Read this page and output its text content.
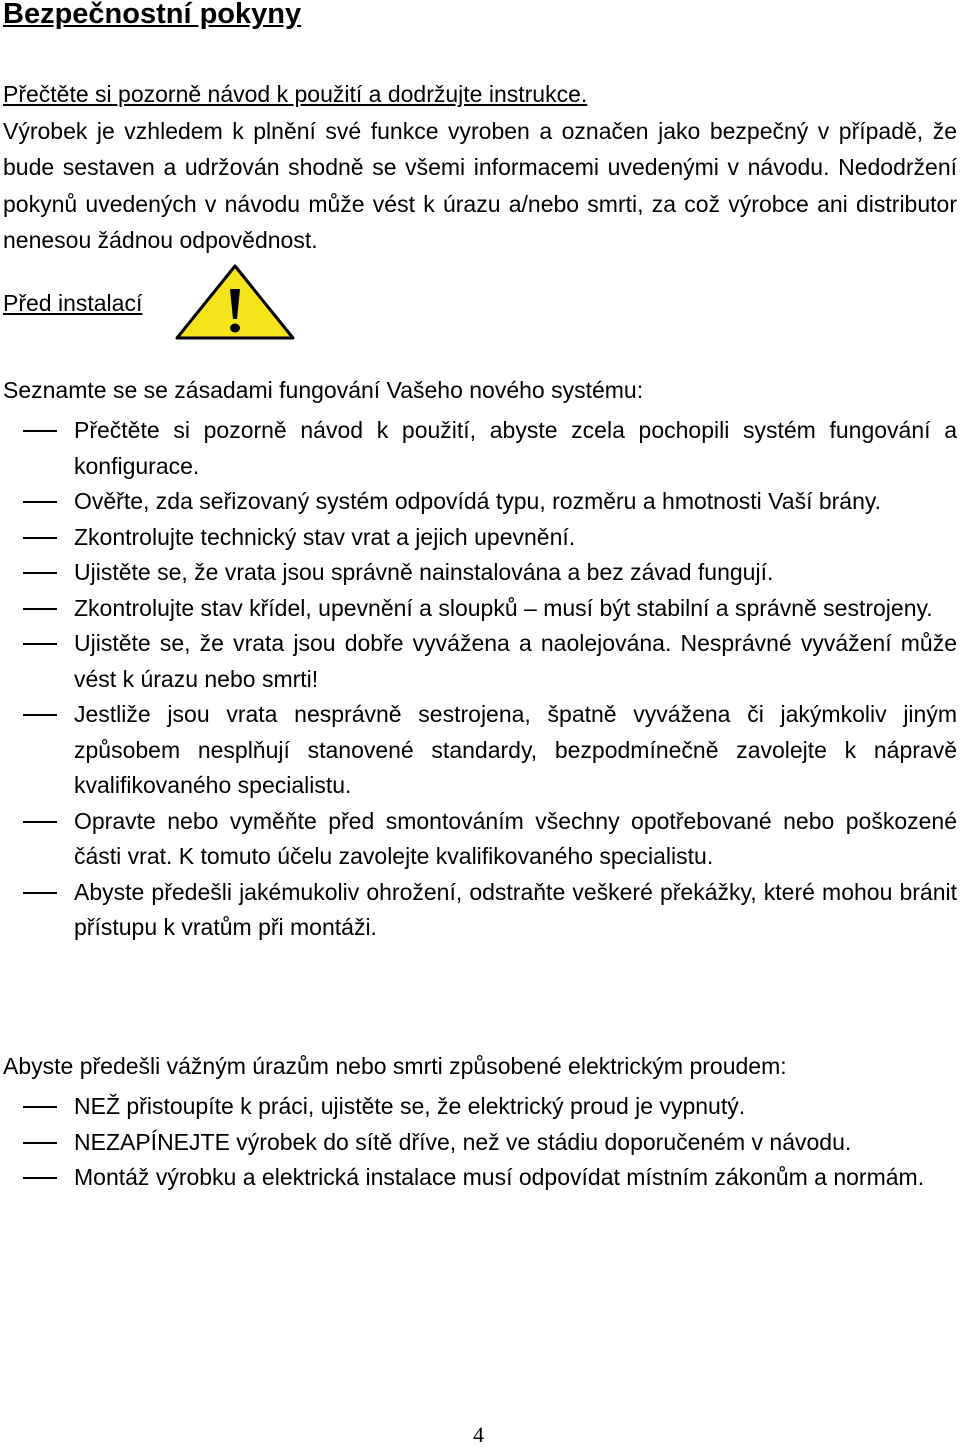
Bezpečnostní pokyny

Přečtěte si pozorně návod k použití a dodržujte instrukce.

Výrobek je vzhledem k plnění své funkce vyroben a označen jako bezpečný v případě, že bude sestaven a udržován shodně se všemi informacemi uvedenými v návodu. Nedodržení pokynů uvedených v návodu může vést k úrazu a/nebo smrti, za což výrobce ani distributor nenesou žádnou odpovědnost.

Před instalací
Seznamte se se zásadami fungování Vašeho nového systému:
Přečtěte si pozorně návod k použití, abyste zcela pochopili systém fungování a konfigurace.
Ověřte, zda seřizovaný systém odpovídá typu, rozměru a hmotnosti Vaší brány.
Zkontrolujte technický stav vrat a jejich upevnění.
Ujistěte se, že vrata jsou správně nainstalována a bez závad fungují.
Zkontrolujte stav křídel, upevnění a sloupků – musí být stabilní a správně sestrojeny.
Ujistěte se, že vrata jsou dobře vyvážena a naolejována. Nesprávné vyvážení může vést k úrazu nebo smrti!
Jestliže jsou vrata nesprávně sestrojena, špatně vyvážena či jakýmkoliv jiným způsobem nesplňují stanovené standardy, bezpodmínečně zavolejte k nápravě kvalifikovaného specialistu.
Opravte nebo vyměňte před smontováním všechny opotřebované nebo poškozené části vrat. K tomuto účelu zavolejte kvalifikovaného specialistu.
Abyste předešli jakémukoliv ohrožení, odstraňte veškeré překážky, které mohou bránit přístupu k vratům při montáži.
Abyste předešli vážným úrazům nebo smrti způsobené elektrickým proudem:
NEŽ přistoupíte k práci, ujistěte se, že elektrický proud je vypnutý.
NEZAPÍNEJTE výrobek do sítě dříve, než ve stádiu doporučeném v návodu.
Montáž výrobku a elektrická instalace musí odpovídat místním zákonům a normám.
4
